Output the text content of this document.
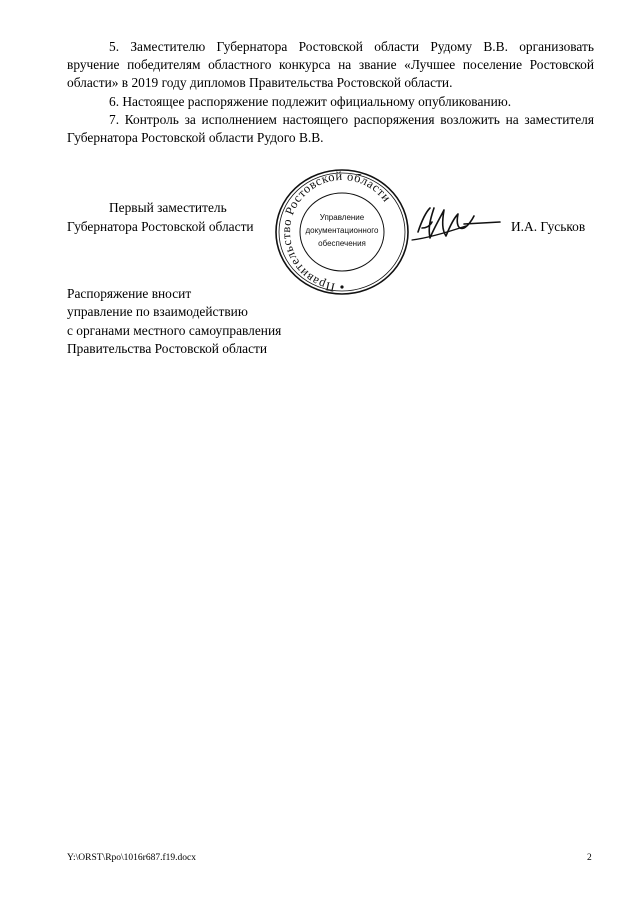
5. Заместителю Губернатора Ростовской области Рудому В.В. организовать вручение победителям областного конкурса на звание «Лучшее поселение Ростовской области» в 2019 году дипломов Правительства Ростовской области.

6. Настоящее распоряжение подлежит официальному опубликованию.

7. Контроль за исполнением настоящего распоряжения возложить на заместителя Губернатора Ростовской области Рудого В.В.

Первый заместитель
Губернатора Ростовской области
Правительство Ростовской области
Управление
документационного
обеспечения
И.А. Гуськов
Распоряжение вносит
управление по взаимодействию
с органами местного самоуправления
Правительства Ростовской области
Y:\ORST\Rpo\1016r687.f19.docx	2
